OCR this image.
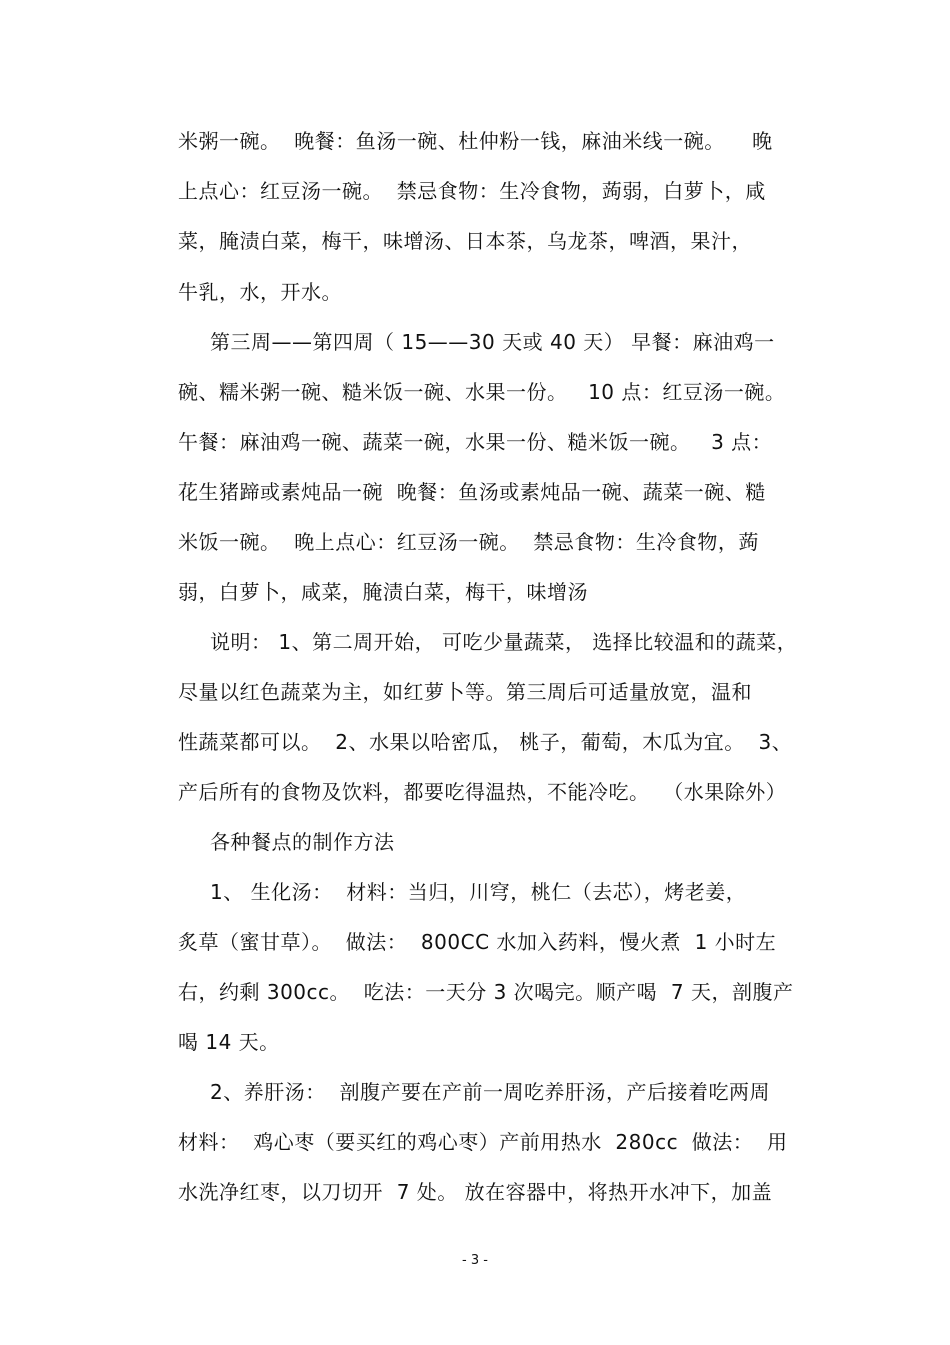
米粥一碗。  晚餐：鱼汤一碗、杜仲粉一钱，麻油米线一碗。    晚
上点心：红豆汤一碗。  禁忌食物：生冷食物，蒟弱，白萝卜，咸
菜，腌渍白菜，梅干，味增汤、日本茶，乌龙茶，啤酒，果汁，
牛乳，水，开水。
第三周——第四周（ 15——30 天或 40 天） 早餐：麻油鸡一
碗、糯米粥一碗、糙米饭一碗、水果一份。   10 点：红豆汤一碗。
午餐：麻油鸡一碗、蔬菜一碗，水果一份、糙米饭一碗。   3 点：
花生猪蹄或素炖品一碗  晚餐：鱼汤或素炖品一碗、蔬菜一碗、糙
米饭一碗。  晚上点心：红豆汤一碗。  禁忌食物：生冷食物，蒟
弱，白萝卜，咸菜，腌渍白菜，梅干，味增汤
说明： 1、第二周开始， 可吃少量蔬菜， 选择比较温和的蔬菜，
尽量以红色蔬菜为主，如红萝卜等。第三周后可适量放宽，温和
性蔬菜都可以。  2、水果以哈密瓜， 桃子，葡萄，木瓜为宜。  3、
产后所有的食物及饮料，都要吃得温热，不能冷吃。  （水果除外）
各种餐点的制作方法
1、 生化汤：  材料：当归，川穹，桃仁（去芯），烤老姜，
炙草（蜜甘草）。  做法：  800CC 水加入药料，慢火煮  1 小时左
右，约剩 300cc。  吃法：一天分 3 次喝完。顺产喝  7 天，剖腹产
喝 14 天。
2、养肝汤：  剖腹产要在产前一周吃养肝汤，产后接着吃两周
材料：  鸡心枣（要买红的鸡心枣）产前用热水  280cc  做法：  用
水洗净红枣，以刀切开  7 处。 放在容器中，将热开水冲下，加盖
- 3 -
